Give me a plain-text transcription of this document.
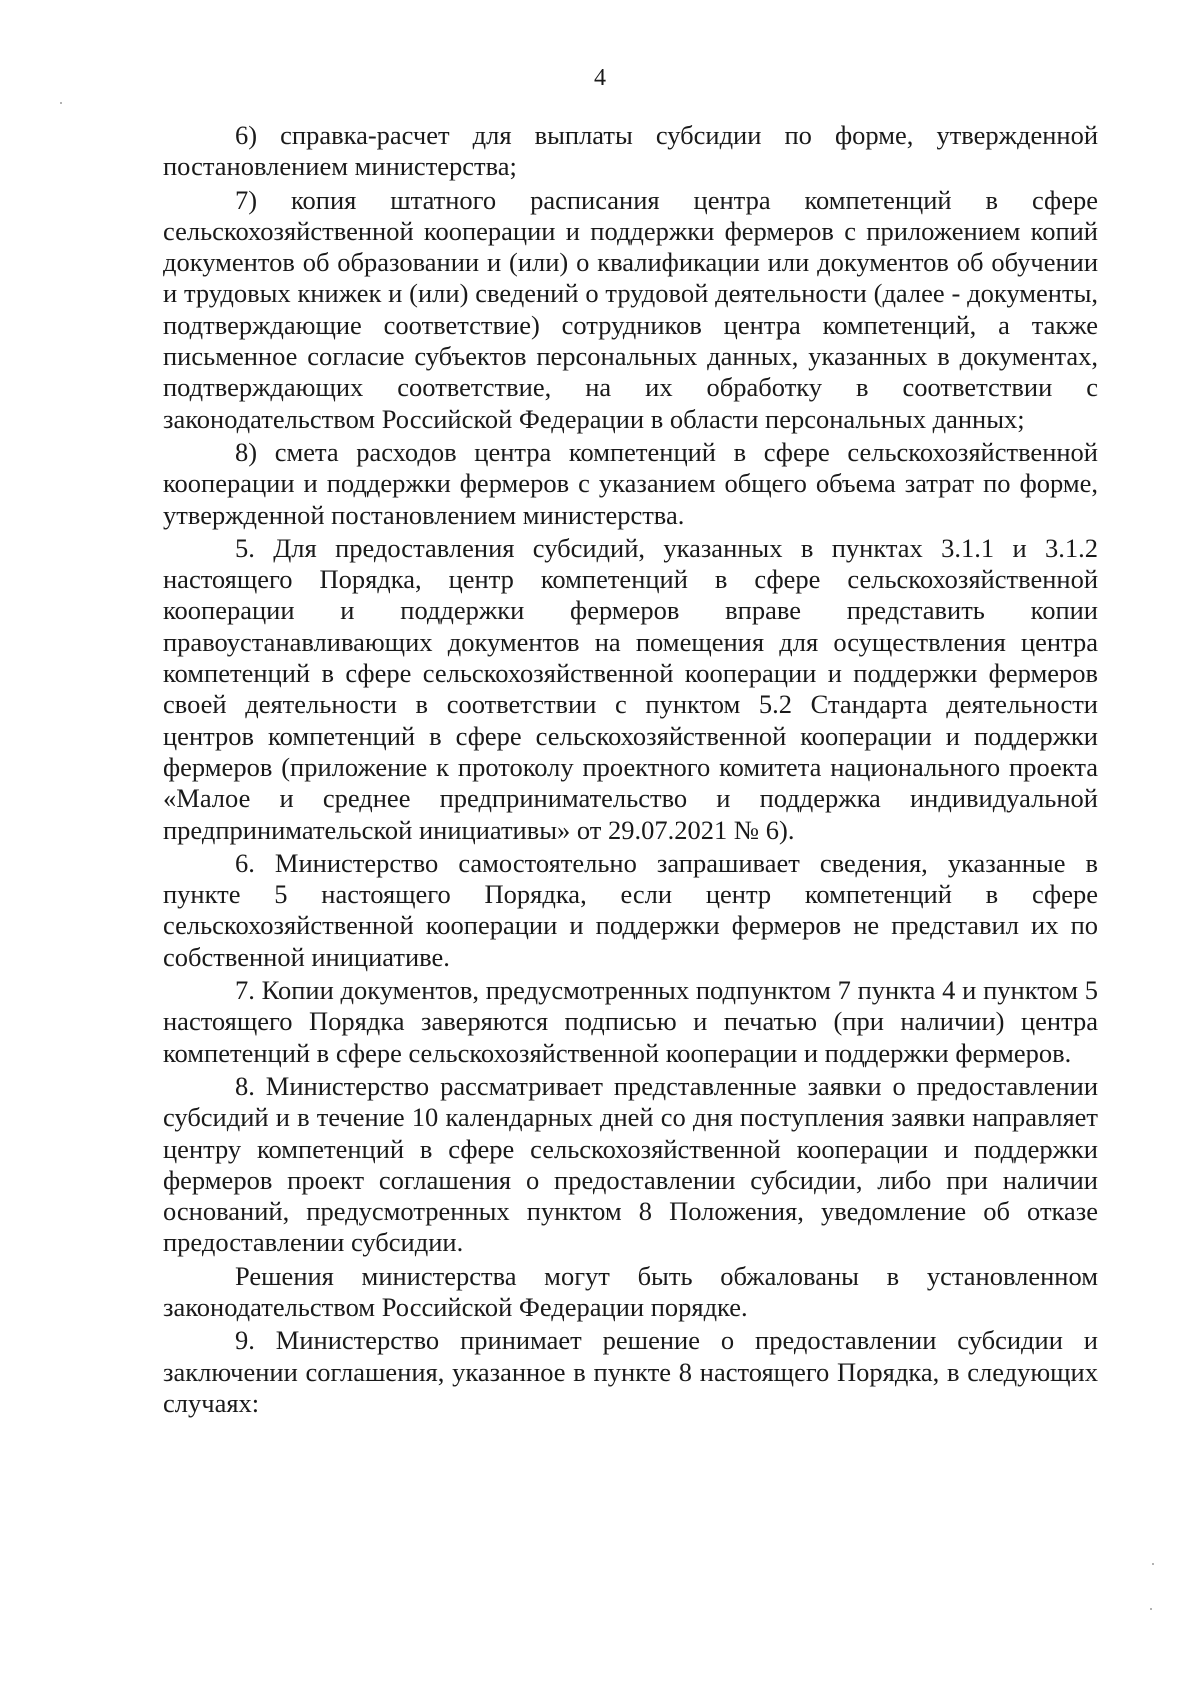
4

6) справка-расчет для выплаты субсидии по форме, утвержденной постановлением министерства;

7) копия штатного расписания центра компетенций в сфере сельскохозяйственной кооперации и поддержки фермеров с приложением копий документов об образовании и (или) о квалификации или документов об обучении и трудовых книжек и (или) сведений о трудовой деятельности (далее - документы, подтверждающие соответствие) сотрудников центра компетенций, а также письменное согласие субъектов персональных данных, указанных в документах, подтверждающих соответствие, на их обработку в соответствии с законодательством Российской Федерации в области персональных данных;

8) смета расходов центра компетенций в сфере сельскохозяйственной кооперации и поддержки фермеров с указанием общего объема затрат по форме, утвержденной постановлением министерства.

5. Для предоставления субсидий, указанных в пунктах 3.1.1 и 3.1.2 настоящего Порядка, центр компетенций в сфере сельскохозяйственной кооперации и поддержки фермеров вправе представить копии правоустанавливающих документов на помещения для осуществления центра компетенций в сфере сельскохозяйственной кооперации и поддержки фермеров своей деятельности в соответствии с пунктом 5.2 Стандарта деятельности центров компетенций в сфере сельскохозяйственной кооперации и поддержки фермеров (приложение к протоколу проектного комитета национального проекта «Малое и среднее предпринимательство и поддержка индивидуальной предпринимательской инициативы» от 29.07.2021 № 6).

6. Министерство самостоятельно запрашивает сведения, указанные в пункте 5 настоящего Порядка, если центр компетенций в сфере сельскохозяйственной кооперации и поддержки фермеров не представил их по собственной инициативе.

7. Копии документов, предусмотренных подпунктом 7 пункта 4 и пунктом 5 настоящего Порядка заверяются подписью и печатью (при наличии) центра компетенций в сфере сельскохозяйственной кооперации и поддержки фермеров.

8. Министерство рассматривает представленные заявки о предоставлении субсидий и в течение 10 календарных дней со дня поступления заявки направляет центру компетенций в сфере сельскохозяйственной кооперации и поддержки фермеров проект соглашения о предоставлении субсидии, либо при наличии оснований, предусмотренных пунктом 8 Положения, уведомление об отказе предоставлении субсидии.

Решения министерства могут быть обжалованы в установленном законодательством Российской Федерации порядке.

9. Министерство принимает решение о предоставлении субсидии и заключении соглашения, указанное в пункте 8 настоящего Порядка, в следующих случаях:
